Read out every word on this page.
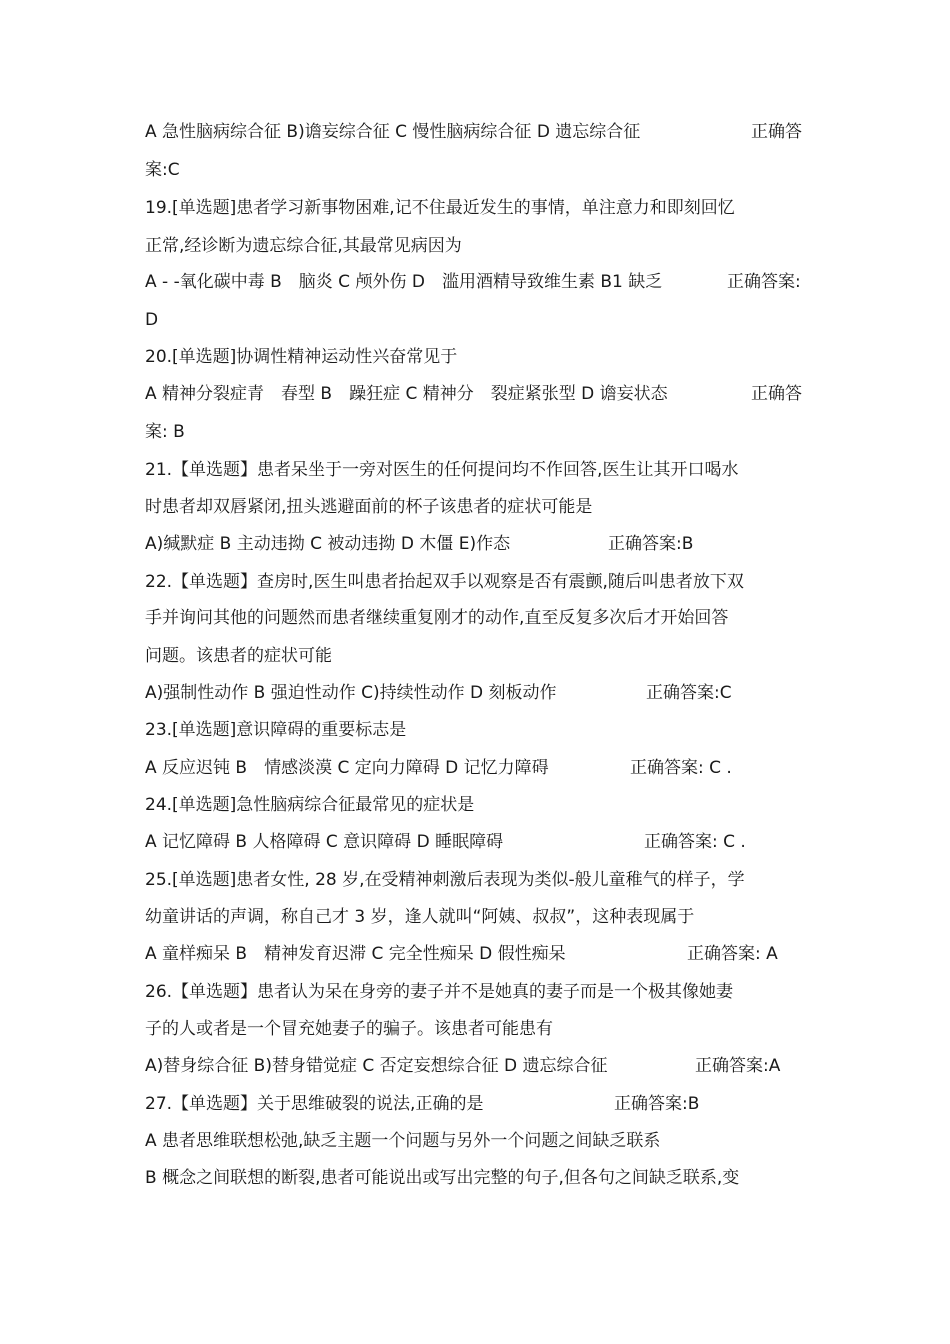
A 急性脑病综合征 B)谵妄综合征 C 慢性脑病综合征 D 遗忘综合征	正确答
案:C
19.[单选题]患者学习新事物困难,记不住最近发生的事情，单注意力和即刻回忆
正常,经诊断为遗忘综合征,其最常见病因为
A - -氧化碳中毒 B　脑炎 C 颅外伤 D　滥用酒精导致维生素 B1 缺乏	正确答案:
D
20.[单选题]协调性精神运动性兴奋常见于
A 精神分裂症青　春型 B　躁狂症 C 精神分　裂症紧张型 D 谵妄状态	正确答
案: B
21.【单选题】患者呆坐于一旁对医生的任何提问均不作回答,医生让其开口喝水
时患者却双唇紧闭,扭头逃避面前的杯子该患者的症状可能是
A)缄默症 B 主动违拗 C 被动违拗 D 木僵 E)作态	正确答案:B
22.【单选题】查房时,医生叫患者抬起双手以观察是否有震颤,随后叫患者放下双
手并询问其他的问题然而患者继续重复刚才的动作,直至反复多次后才开始回答
问题。该患者的症状可能
A)强制性动作 B 强迫性动作 C)持续性动作 D 刻板动作	正确答案:C
23.[单选题]意识障碍的重要标志是
A 反应迟钝 B　情感淡漠 C 定向力障碍 D 记忆力障碍	正确答案: C .
24.[单选题]急性脑病综合征最常见的症状是
A 记忆障碍 B 人格障碍 C 意识障碍 D 睡眠障碍	正确答案: C .
25.[单选题]患者女性, 28 岁,在受精神刺激后表现为类似-般儿童稚气的样子，学
幼童讲话的声调，称自己才 3 岁，逢人就叫“阿姨、叔叔”，这种表现属于
A 童样痴呆 B　精神发育迟滞 C 完全性痴呆 D 假性痴呆	正确答案: A
26.【单选题】患者认为呆在身旁的妻子并不是她真的妻子而是一个极其像她妻
子的人或者是一个冒充她妻子的骗子。该患者可能患有
A)替身综合征 B)替身错觉症 C 否定妄想综合征 D 遗忘综合征	正确答案:A
27.【单选题】关于思维破裂的说法,正确的是	正确答案:B
A 患者思维联想松弛,缺乏主题一个问题与另外一个问题之间缺乏联系
B 概念之间联想的断裂,患者可能说出或写出完整的句子,但各句之间缺乏联系,变
